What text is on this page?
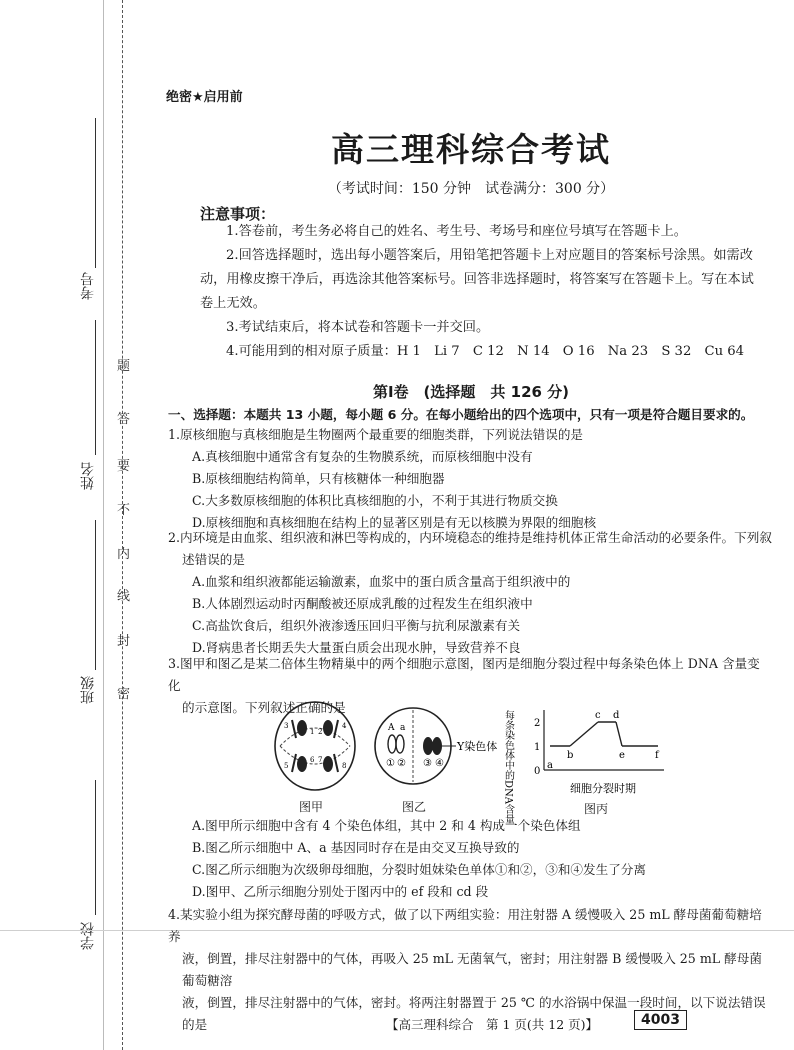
考号
姓名
班级
学校
密
封
线
内
不
要
答
题
绝密★启用前
高三理科综合考试
（考试时间：150 分钟　试卷满分：300 分）
注意事项：

1.答卷前，考生务必将自己的姓名、考生号、考场号和座位号填写在答题卡上。

2.回答选择题时，选出每小题答案后，用铅笔把答题卡上对应题目的答案标号涂黑。如需改动，用橡皮擦干净后，再选涂其他答案标号。回答非选择题时，将答案写在答题卡上。写在本试卷上无效。

3.考试结束后，将本试卷和答题卡一并交回。

4.可能用到的相对原子质量：H 1　Li 7　C 12　N 14　O 16　Na 23　S 32　Cu 64

第Ⅰ卷　(选择题　共 126 分)
一、选择题：本题共 13 小题，每小题 6 分。在每小题给出的四个选项中，只有一项是符合题目要求的。

1.原核细胞与真核细胞是生物圈两个最重要的细胞类群，下列说法错误的是

A.真核细胞中通常含有复杂的生物膜系统，而原核细胞中没有

B.原核细胞结构简单，只有核糖体一种细胞器

C.大多数原核细胞的体积比真核细胞的小，不利于其进行物质交换

D.原核细胞和真核细胞在结构上的显著区别是有无以核膜为界限的细胞核

2.内环境是由血浆、组织液和淋巴等构成的，内环境稳态的维持是维持机体正常生命活动的必要条件。下列叙

述错误的是

A.血浆和组织液都能运输激素，血浆中的蛋白质含量高于组织液中的

B.人体剧烈运动时丙酮酸被还原成乳酸的过程发生在组织液中

C.高盐饮食后，组织外液渗透压回归平衡与抗利尿激素有关

D.肾病患者长期丢失大量蛋白质会出现水肿，导致营养不良

3.图甲和图乙是某二倍体生物精巢中的两个细胞示意图，图丙是细胞分裂过程中每条染色体上 DNA 含量变化

的示意图。下列叙述正确的是

1 2
3	4
5
6 7
8
图甲
A a
① ② ③ ④
Y染色体
图乙	每条染色体中的DNA含量 2
1
0
a
b
c d
e	f
细胞分裂时期
图丙

A.图甲所示细胞中含有 4 个染色体组，其中 2 和 4 构成一个染色体组

B.图乙所示细胞中 A、a 基因同时存在是由交叉互换导致的

C.图乙所示细胞为次级卵母细胞，分裂时姐妹染色单体①和②，③和④发生了分离

D.图甲、乙所示细胞分别处于图丙中的 ef 段和 cd 段

4.某实验小组为探究酵母菌的呼吸方式，做了以下两组实验：用注射器 A 缓慢吸入 25 mL 酵母菌葡萄糖培养

液，倒置，排尽注射器中的气体，再吸入 25 mL 无菌氧气，密封；用注射器 B 缓慢吸入 25 mL 酵母菌葡萄糖溶

液，倒置，排尽注射器中的气体，密封。将两注射器置于 25 ℃ 的水浴锅中保温一段时间，以下说法错误的是	【高三理科综合　第 1 页(共 12 页)】	4003
